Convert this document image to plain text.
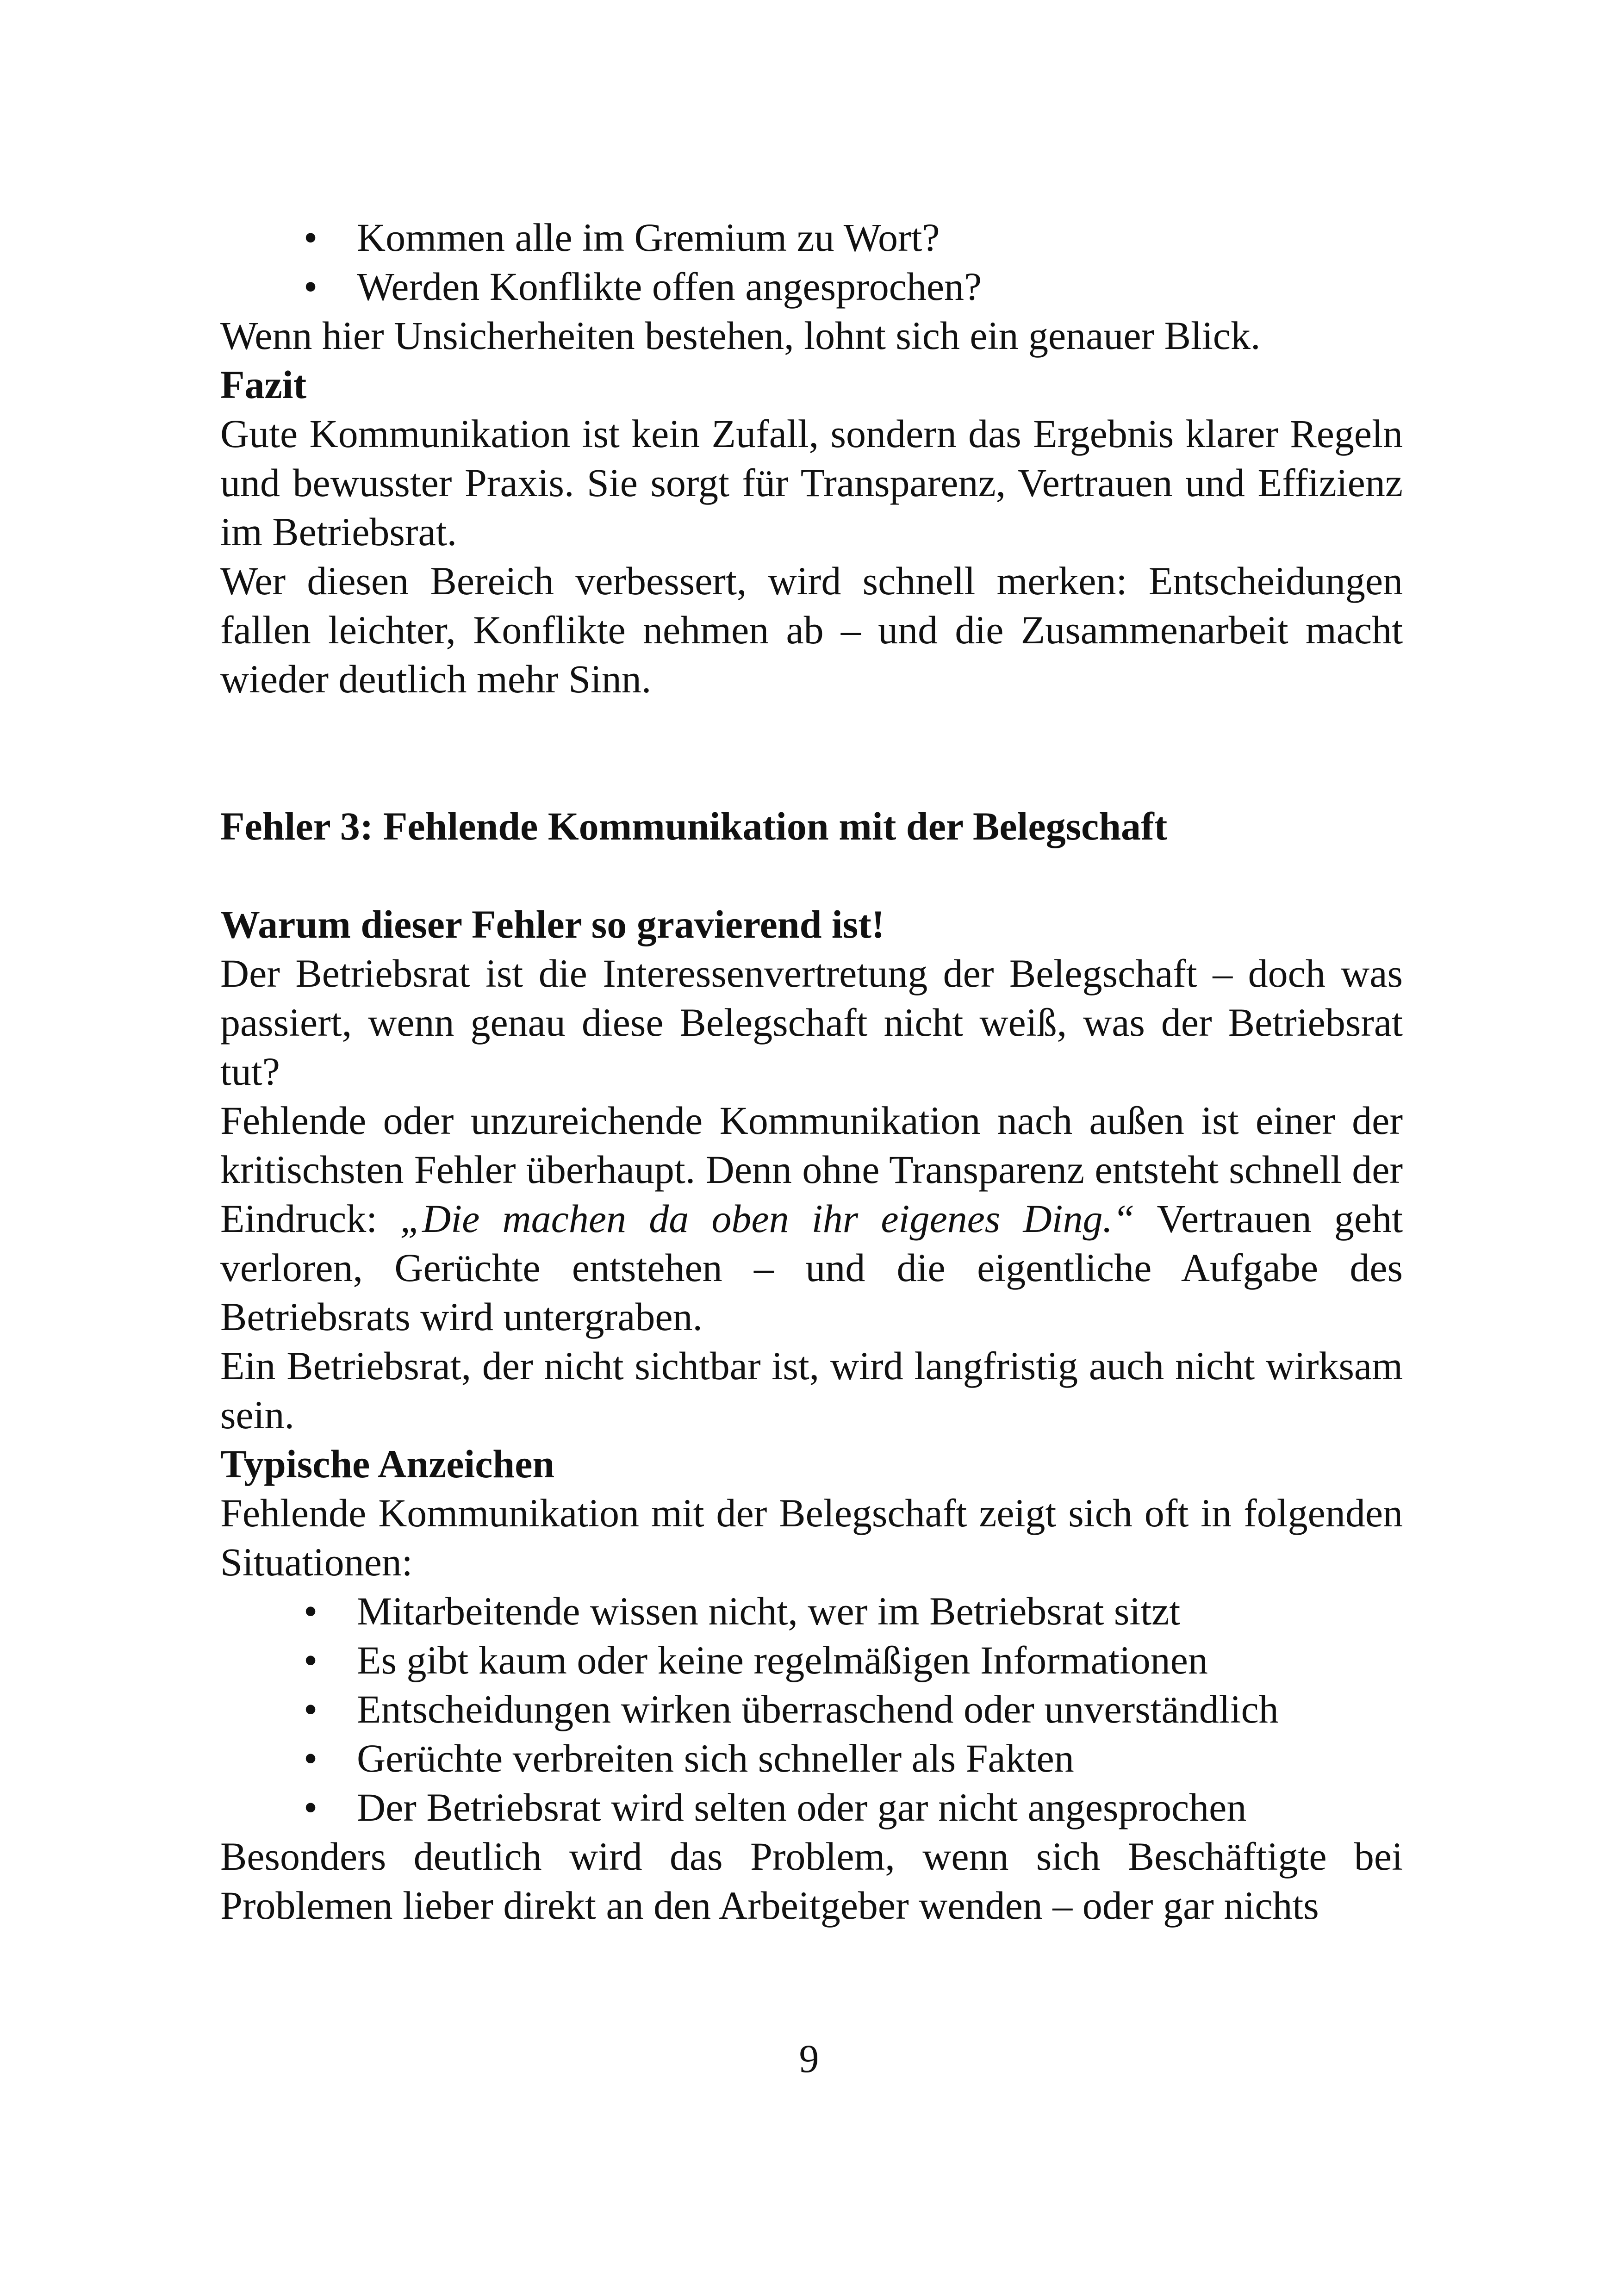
• Kommen alle im Gremium zu Wort?
• Werden Konflikte offen angesprochen?

Wenn hier Unsicherheiten bestehen, lohnt sich ein genauer Blick.

Fazit

Gute Kommunikation ist kein Zufall, sondern das Ergebnis klarer Regeln und bewusster Praxis. Sie sorgt für Transparenz, Vertrauen und Effizienz im Betriebsrat.

Wer diesen Bereich verbessert, wird schnell merken: Entscheidungen fallen leichter, Konflikte nehmen ab – und die Zusammenarbeit macht wieder deutlich mehr Sinn.

Fehler 3: Fehlende Kommunikation mit der Belegschaft
Warum dieser Fehler so gravierend ist!

Der Betriebsrat ist die Interessenvertretung der Belegschaft – doch was passiert, wenn genau diese Belegschaft nicht weiß, was der Betriebsrat tut?

Fehlende oder unzureichende Kommunikation nach außen ist einer der kritischsten Fehler überhaupt. Denn ohne Transparenz entsteht schnell der Eindruck: „Die machen da oben ihr eigenes Ding.“ Vertrauen geht verloren, Gerüchte entstehen – und die eigentliche Aufgabe des Betriebsrats wird untergraben.

Ein Betriebsrat, der nicht sichtbar ist, wird langfristig auch nicht wirksam sein.

Typische Anzeichen

Fehlende Kommunikation mit der Belegschaft zeigt sich oft in folgenden Situationen:

• Mitarbeitende wissen nicht, wer im Betriebsrat sitzt
• Es gibt kaum oder keine regelmäßigen Informationen
• Entscheidungen wirken überraschend oder unverständlich
• Gerüchte verbreiten sich schneller als Fakten
• Der Betriebsrat wird selten oder gar nicht angesprochen

Besonders deutlich wird das Problem, wenn sich Beschäftigte bei Problemen lieber direkt an den Arbeitgeber wenden – oder gar nichts

9
